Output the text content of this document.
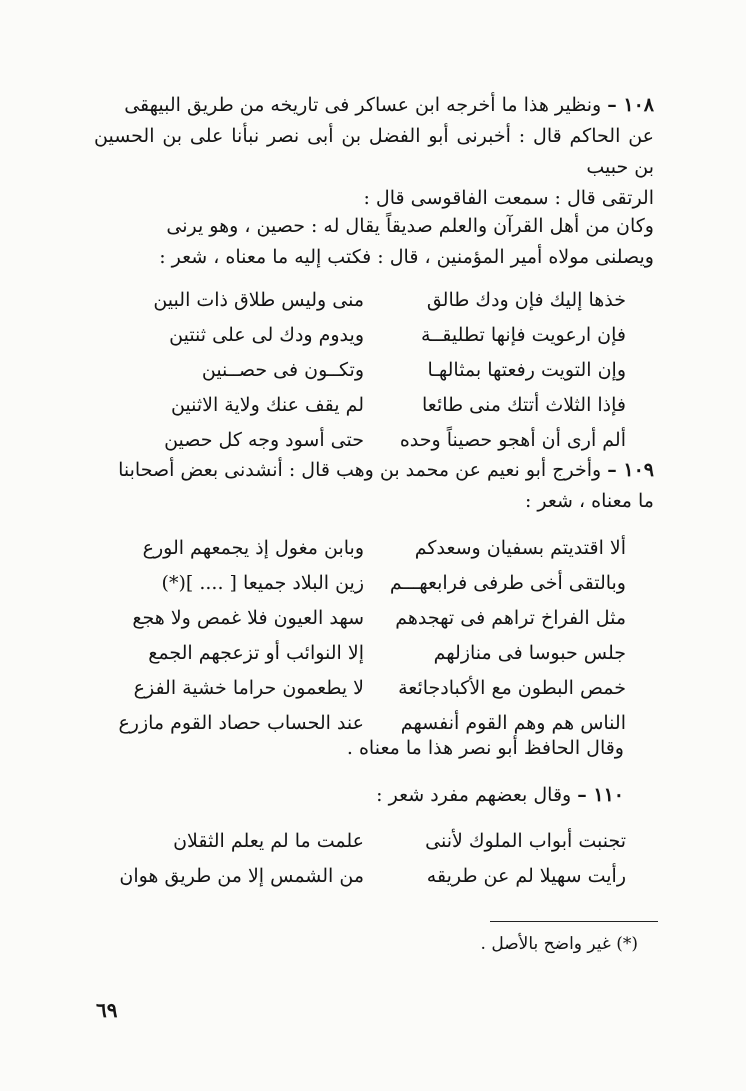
١٠٨ – ونظير هذا ما أخرجه ابن عساكر فى تاريخه من طريق البيهقى

عن الحاكم قال : أخبرنى أبو الفضل بن أبى نصر نبأنا على بن الحسين بن حبيب

الرتقى قال : سمعت الفاقوسى قال :

وكان من أهل القرآن والعلم صديقاً يقال له : حصين ، وهو يرنى

ويصلنى مولاه أمير المؤمنين ، قال : فكتب إليه ما معناه ، شعر :

خذها إليك فإن ودك طالق
منى وليس طلاق ذات البين
فإن ارعويت فإنها تطليقــة
ويدوم ودك لى على ثنتين
وإن التويت رفعتها بمثالهـا
وتكــون فى حصــنين
فإذا الثلاث أتتك منى طائعا
لم يقف عنك ولاية الاثنين
ألم أرى أن أهجو حصيناً وحده
حتى أسود وجه كل حصين

١٠٩ – وأخرج أبو نعيم عن محمد بن وهب قال : أنشدنى بعض أصحابنا

ما معناه ، شعر :

ألا اقتديتم بسفيان وسعدكم
وبابن مغول إذ يجمعهم الورع
وبالتقى أخى طرفى فرابعهـــم
زين البلاد جميعا [ .... ](*)
مثل الفراخ تراهم فى تهجدهم
سهد العيون فلا غمص ولا هجع
جلس حبوسا فى منازلهم
إلا النوائب أو تزعجهم الجمع
خمص البطون مع الأكبادجائعة
لا يطعمون حراما خشية الفزع
الناس هم وهم القوم أنفسهم
عند الحساب حصاد القوم مازرع

وقال الحافظ أبو نصر هذا ما معناه .

١١٠ – وقال بعضهم مفرد شعر :

تجنبت أبواب الملوك لأننى
علمت ما لم يعلم الثقلان
رأيت سهيلا لم عن طريقه
من الشمس إلا من طريق هوان
(*) غير واضح بالأصل .
٦٩
